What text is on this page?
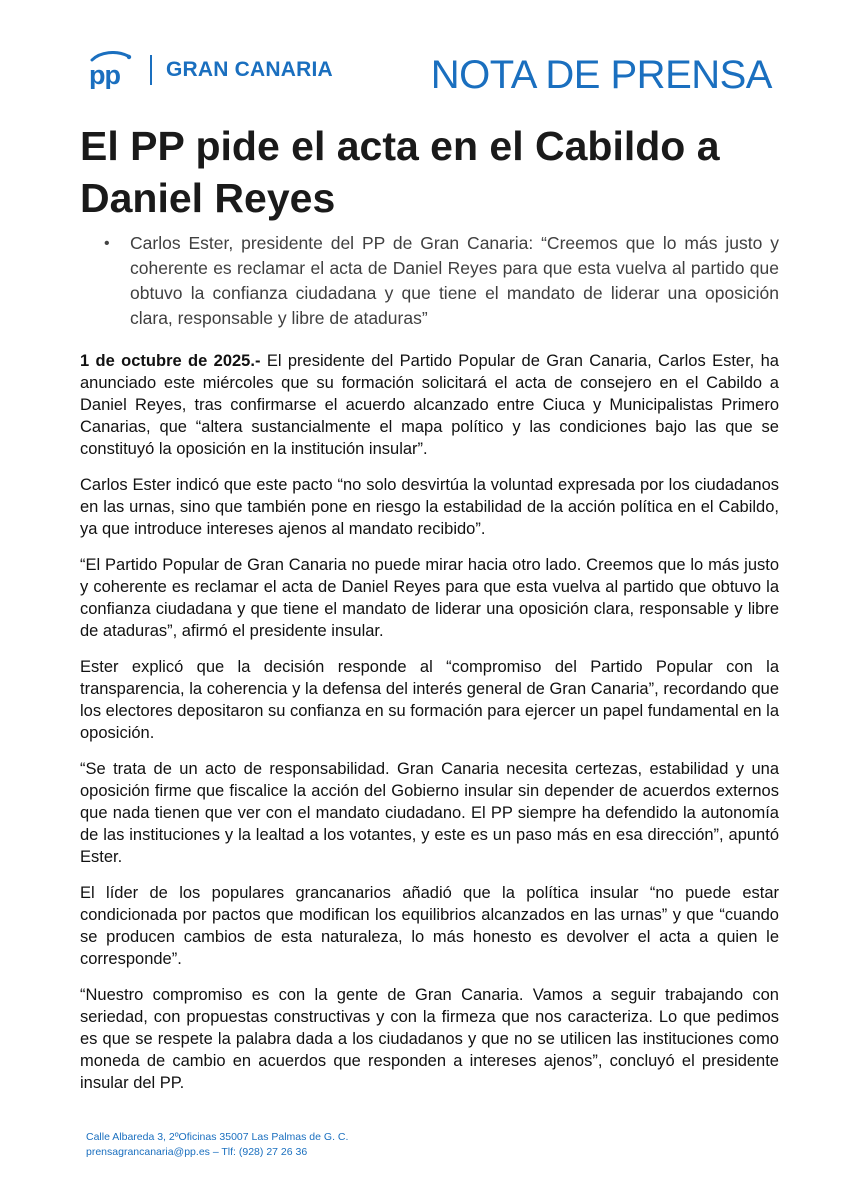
pp GRAN CANARIA NOTA DE PRENSA
El PP pide el acta en el Cabildo a Daniel Reyes
•	Carlos Ester, presidente del PP de Gran Canaria: “Creemos que lo más justo y coherente es reclamar el acta de Daniel Reyes para que esta vuelva al partido que obtuvo la confianza ciudadana y que tiene el mandato de liderar una oposición clara, responsable y libre de ataduras”

1 de octubre de 2025.- El presidente del Partido Popular de Gran Canaria, Carlos Ester, ha anunciado este miércoles que su formación solicitará el acta de consejero en el Cabildo a Daniel Reyes, tras confirmarse el acuerdo alcanzado entre Ciuca y Municipalistas Primero Canarias, que “altera sustancialmente el mapa político y las condiciones bajo las que se constituyó la oposición en la institución insular”.

Carlos Ester indicó que este pacto “no solo desvirtúa la voluntad expresada por los ciudadanos en las urnas, sino que también pone en riesgo la estabilidad de la acción política en el Cabildo, ya que introduce intereses ajenos al mandato recibido”.

“El Partido Popular de Gran Canaria no puede mirar hacia otro lado. Creemos que lo más justo y coherente es reclamar el acta de Daniel Reyes para que esta vuelva al partido que obtuvo la confianza ciudadana y que tiene el mandato de liderar una oposición clara, responsable y libre de ataduras”, afirmó el presidente insular.

Ester explicó que la decisión responde al “compromiso del Partido Popular con la transparencia, la coherencia y la defensa del interés general de Gran Canaria”, recordando que los electores depositaron su confianza en su formación para ejercer un papel fundamental en la oposición.

“Se trata de un acto de responsabilidad. Gran Canaria necesita certezas, estabilidad y una oposición firme que fiscalice la acción del Gobierno insular sin depender de acuerdos externos que nada tienen que ver con el mandato ciudadano. El PP siempre ha defendido la autonomía de las instituciones y la lealtad a los votantes, y este es un paso más en esa dirección”, apuntó Ester.

El líder de los populares grancanarios añadió que la política insular “no puede estar condicionada por pactos que modifican los equilibrios alcanzados en las urnas” y que “cuando se producen cambios de esta naturaleza, lo más honesto es devolver el acta a quien le corresponde”.

“Nuestro compromiso es con la gente de Gran Canaria. Vamos a seguir trabajando con seriedad, con propuestas constructivas y con la firmeza que nos caracteriza. Lo que pedimos es que se respete la palabra dada a los ciudadanos y que no se utilicen las instituciones como moneda de cambio en acuerdos que responden a intereses ajenos”, concluyó el presidente insular del PP.

Calle Albareda 3, 2ºOficinas 35007 Las Palmas de G. C.
prensagrancanaria@pp.es – Tlf: (928) 27 26 36
